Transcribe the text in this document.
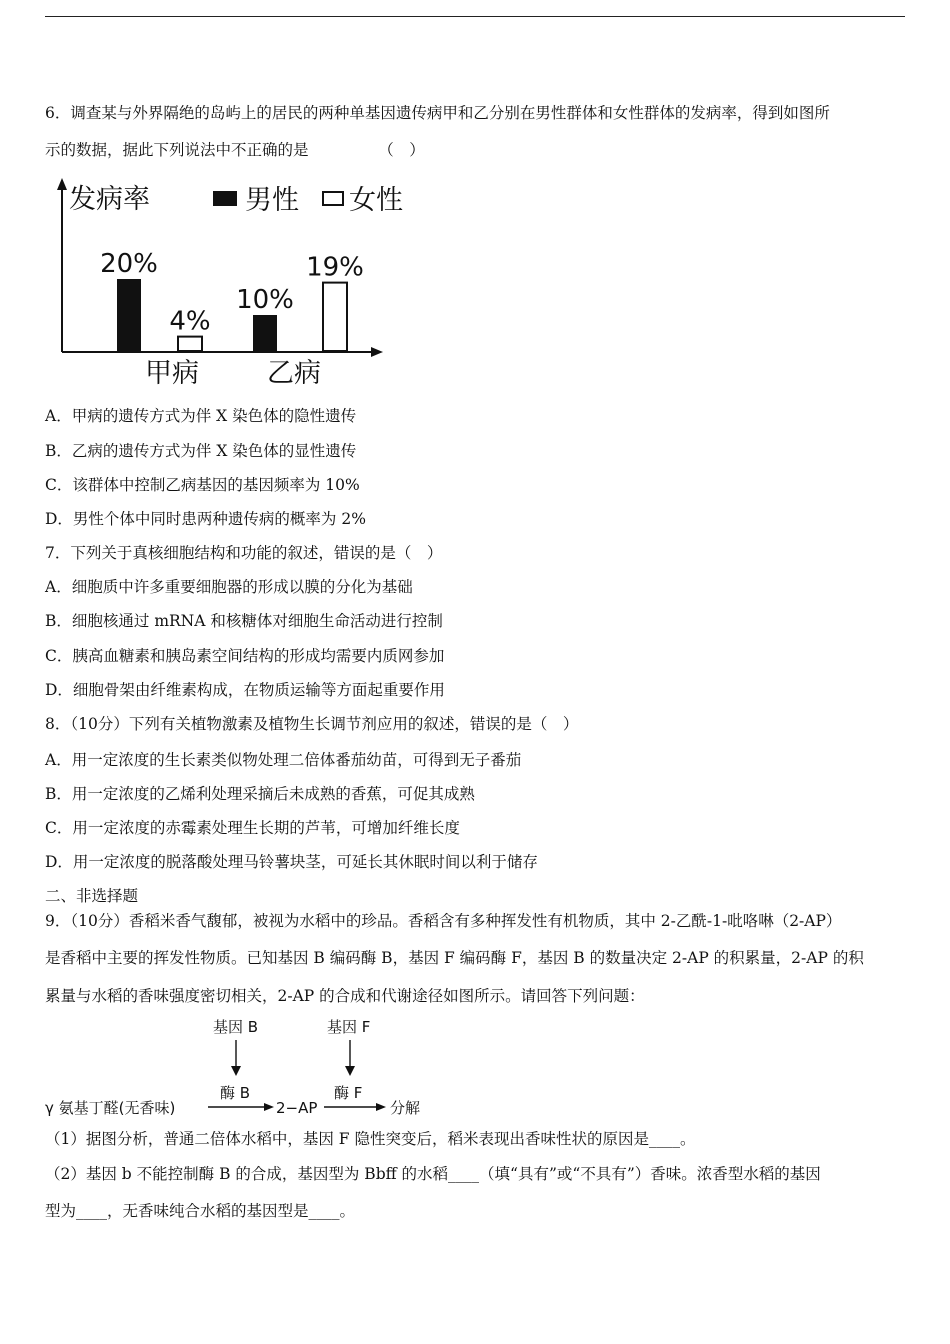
6．调查某与外界隔绝的岛屿上的居民的两种单基因遗传病甲和乙分别在男性群体和女性群体的发病率，得到如图所
示的数据，据此下列说法中不正确的是　　　　　（　）
发病率	男性 女性
20%
4%
10%
19%
甲病	乙病
A．甲病的遗传方式为伴 X 染色体的隐性遗传
B．乙病的遗传方式为伴 X 染色体的显性遗传
C．该群体中控制乙病基因的基因频率为 10%
D．男性个体中同时患两种遗传病的概率为 2%
7．下列关于真核细胞结构和功能的叙述，错误的是（　）
A．细胞质中许多重要细胞器的形成以膜的分化为基础
B．细胞核通过 mRNA 和核糖体对细胞生命活动进行控制
C．胰高血糖素和胰岛素空间结构的形成均需要内质网参加
D．细胞骨架由纤维素构成，在物质运输等方面起重要作用
8．（10分）下列有关植物激素及植物生长调节剂应用的叙述，错误的是（　）
A．用一定浓度的生长素类似物处理二倍体番茄幼苗，可得到无子番茄
B．用一定浓度的乙烯利处理采摘后未成熟的香蕉，可促其成熟
C．用一定浓度的赤霉素处理生长期的芦苇，可增加纤维长度
D．用一定浓度的脱落酸处理马铃薯块茎，可延长其休眠时间以利于储存
二、非选择题
9．（10分）香稻米香气馥郁，被视为水稻中的珍品。香稻含有多种挥发性有机物质，其中 2-乙酰-1-吡咯啉（2-AP）
是香稻中主要的挥发性物质。已知基因 B 编码酶 B，基因 F 编码酶 F，基因 B 的数量决定 2-AP 的积累量，2-AP 的积
累量与水稻的香味强度密切相关，2-AP 的合成和代谢途径如图所示。请回答下列问题：
基因 B	基因 F
酶 B	酶 F
γ 氨基丁醛(无香味)	2−AP	分解
（1）据图分析，普通二倍体水稻中，基因 F 隐性突变后，稻米表现出香味性状的原因是____。
（2）基因 b 不能控制酶 B 的合成，基因型为 Bbff 的水稻____（填“具有”或“不具有”）香味。浓香型水稻的基因
型为____，无香味纯合水稻的基因型是____。
